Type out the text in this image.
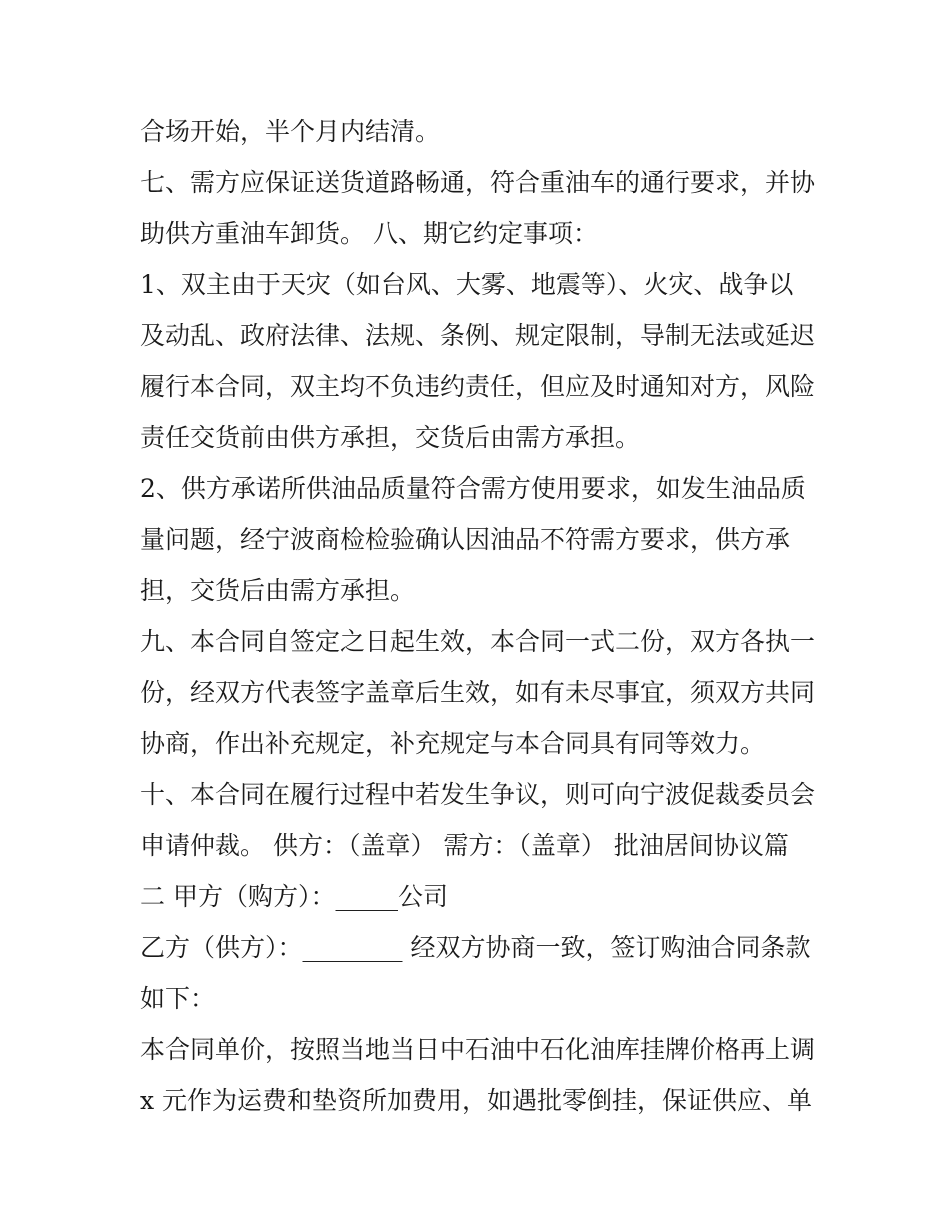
合场开始，半个月内结清。
七、需方应保证送货道路畅通，符合重油车的通行要求，并协
助供方重油车卸货。 八、期它约定事项：
1、双主由于天灾（如台风、大雾、地震等）、火灾、战争以
及动乱、政府法律、法规、条例、规定限制，导制无法或延迟
履行本合同，双主均不负违约责任，但应及时通知对方，风险
责任交货前由供方承担，交货后由需方承担。
2、供方承诺所供油品质量符合需方使用要求，如发生油品质
量问题，经宁波商检检验确认因油品不符需方要求，供方承
担，交货后由需方承担。
九、本合同自签定之日起生效，本合同一式二份，双方各执一
份，经双方代表签字盖章后生效，如有未尽事宜，须双方共同
协商，作出补充规定，补充规定与本合同具有同等效力。
十、本合同在履行过程中若发生争议，则可向宁波促裁委员会
申请仲裁。 供方：（盖章） 需方：（盖章） 批油居间协议篇
二 甲方（购方）：_____公司
乙方（供方）：________ 经双方协商一致，签订购油合同条款
如下：
本合同单价，按照当地当日中石油中石化油库挂牌价格再上调
x 元作为运费和垫资所加费用，如遇批零倒挂，保证供应、单
